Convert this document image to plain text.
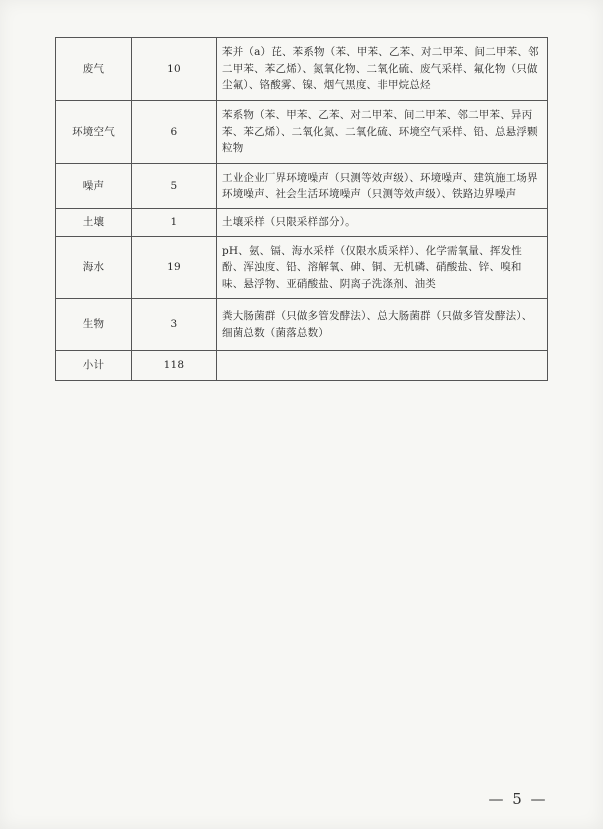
废气	10	苯并（a）芘、苯系物（苯、甲苯、乙苯、对二甲苯、间二甲苯、邻二甲苯、苯乙烯）、氮氧化物、二氧化硫、废气采样、氟化物（只做尘氟）、铬酸雾、镍、烟气黑度、非甲烷总烃
环境空气	6	苯系物（苯、甲苯、乙苯、对二甲苯、间二甲苯、邻二甲苯、异丙苯、苯乙烯）、二氧化氮、二氧化硫、环境空气采样、铅、总悬浮颗粒物
噪声	5	工业企业厂界环境噪声（只测等效声级）、环境噪声、建筑施工场界环境噪声、社会生活环境噪声（只测等效声级）、铁路边界噪声
土壤	1	土壤采样（只限采样部分）。
海水	19	pH、氨、镉、海水采样（仅限水质采样）、化学需氧量、挥发性酚、浑浊度、铅、溶解氧、砷、铜、无机磷、硝酸盐、锌、嗅和味、悬浮物、亚硝酸盐、阴离子洗涤剂、油类
生物	3	粪大肠菌群（只做多管发酵法）、总大肠菌群（只做多管发酵法）、细菌总数（菌落总数）
小计	118	
— 5 —
